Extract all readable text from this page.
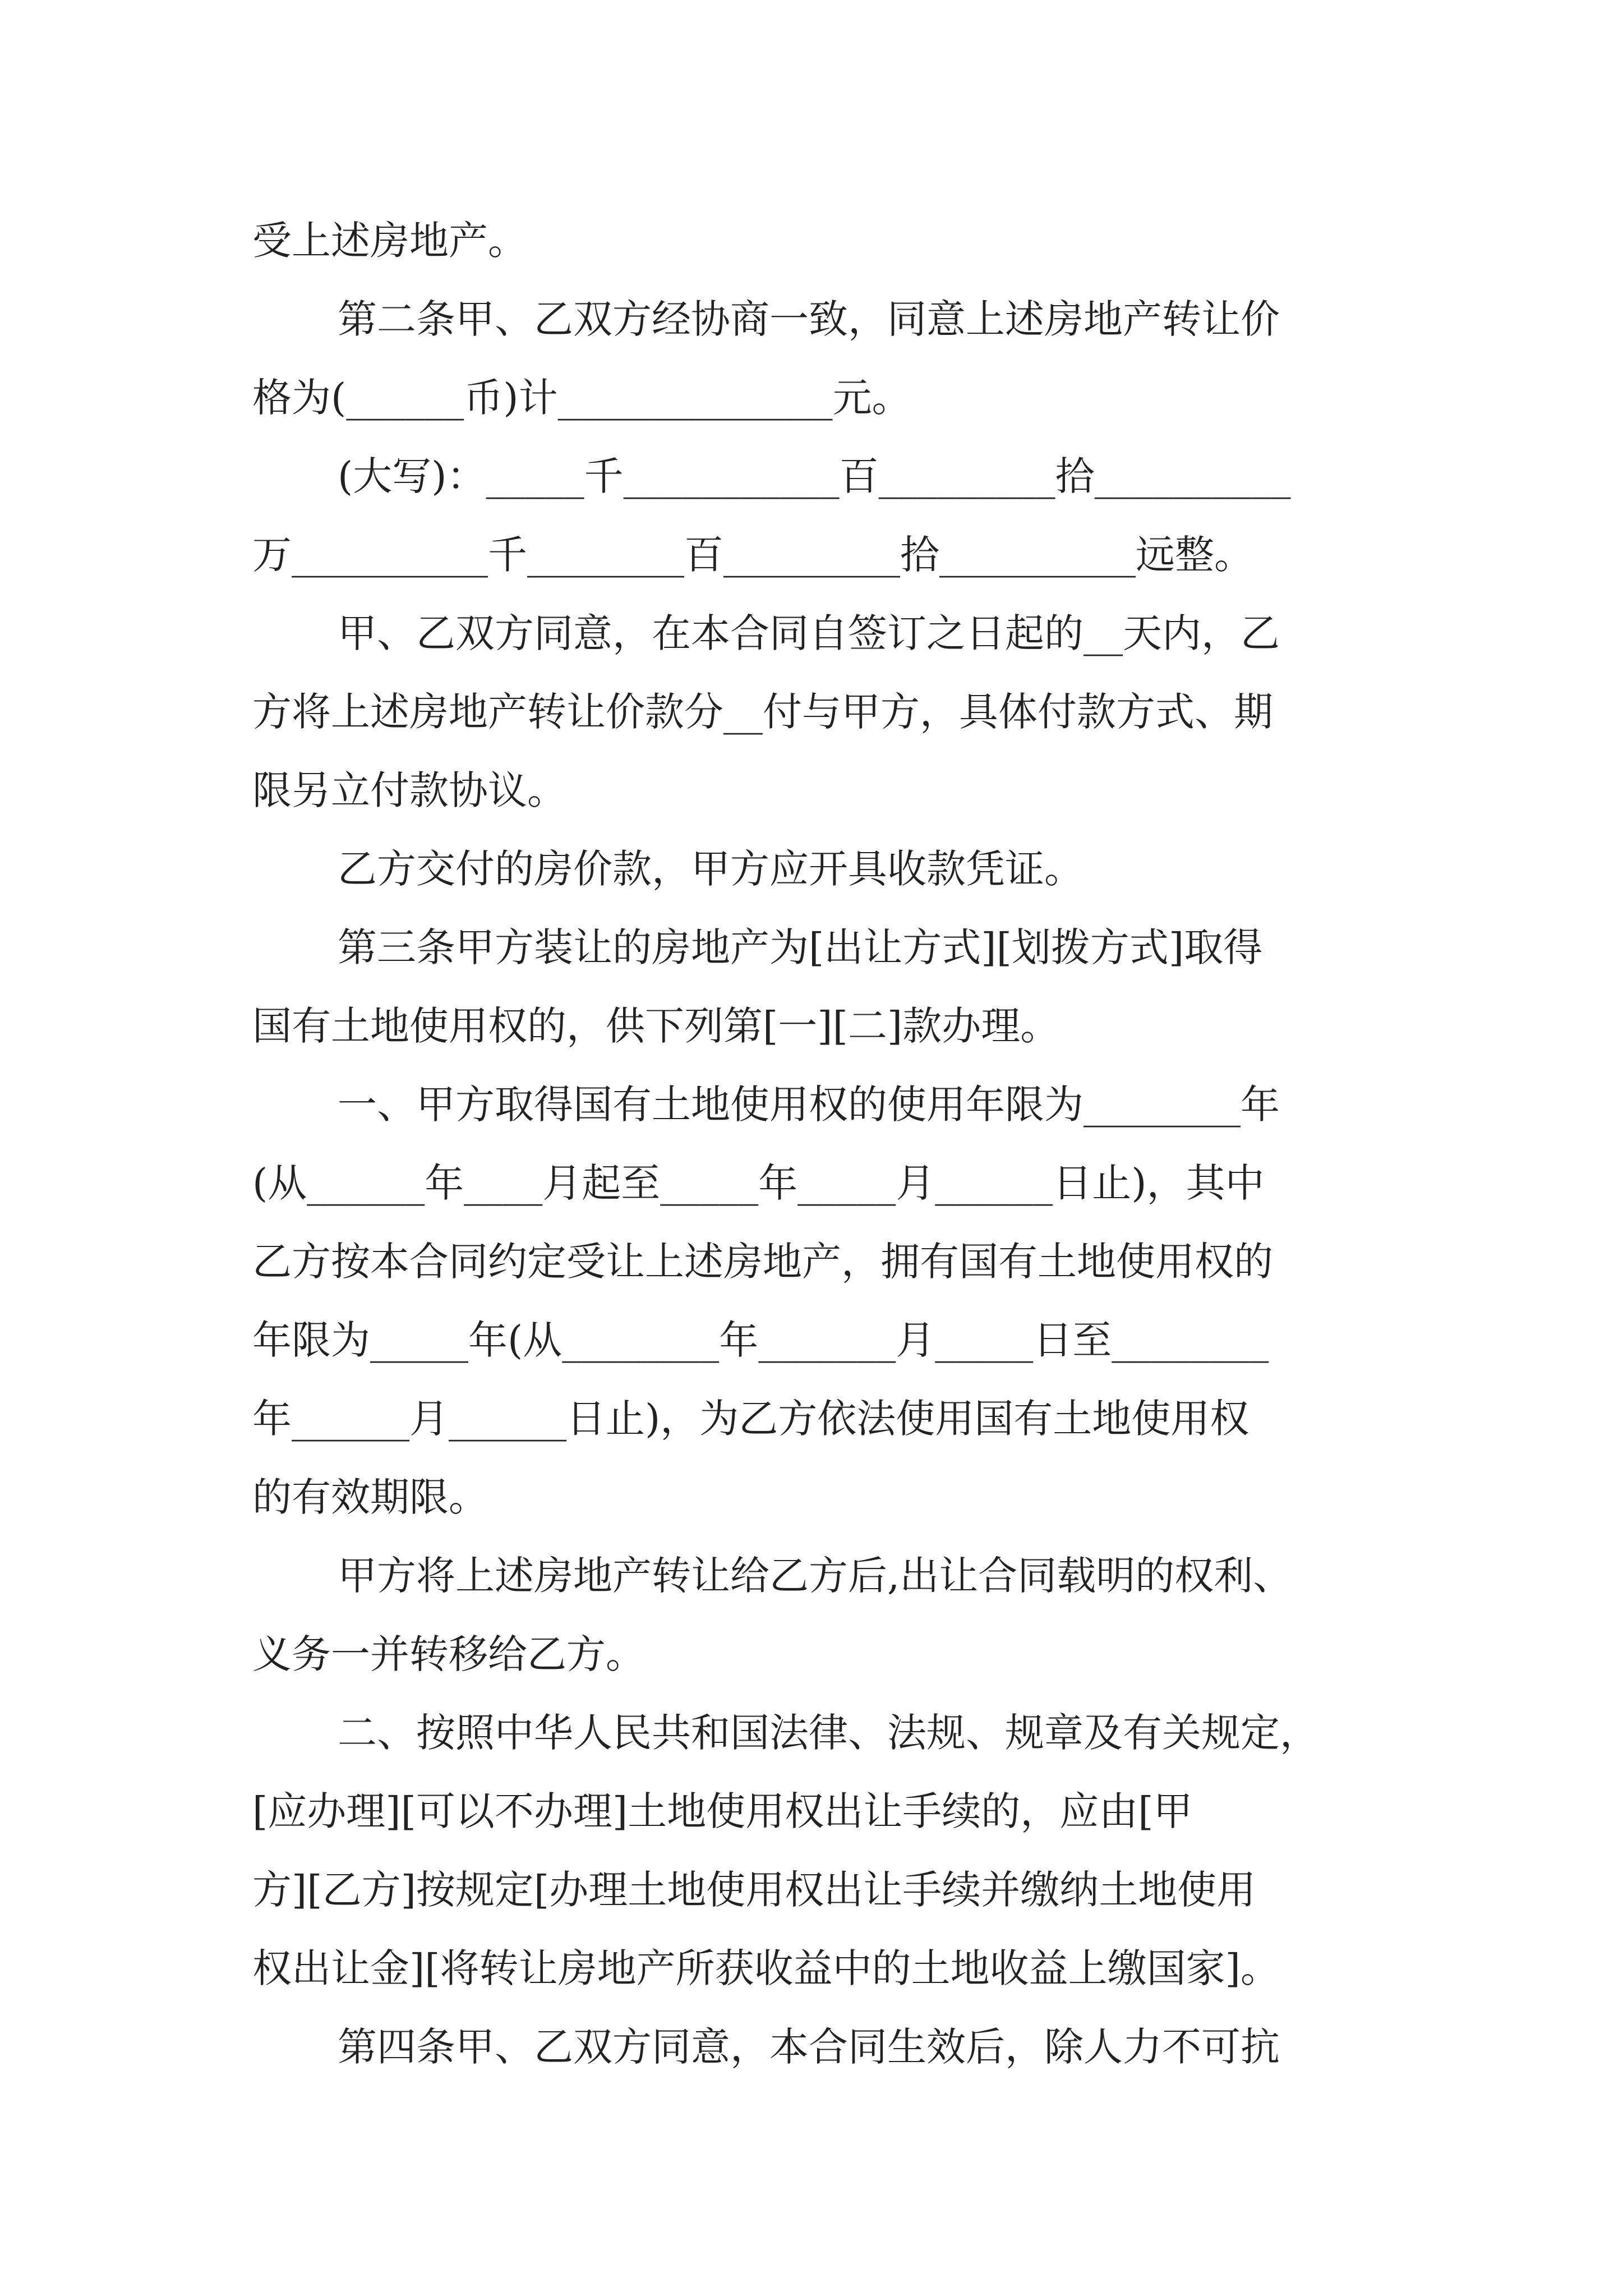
受上述房地产。
第二条甲、乙双方经协商一致，同意上述房地产转让价
格为(______币)计______________元。
(大写)：_____千___________百_________拾__________
万__________千________百_________拾__________远整。
甲、乙双方同意，在本合同自签订之日起的__天内，乙
方将上述房地产转让价款分__付与甲方，具体付款方式、期
限另立付款协议。
乙方交付的房价款，甲方应开具收款凭证。
第三条甲方装让的房地产为[出让方式][划拨方式]取得
国有土地使用权的，供下列第[一][二]款办理。
一、甲方取得国有土地使用权的使用年限为________年
(从______年____月起至_____年_____月______日止)，其中
乙方按本合同约定受让上述房地产，拥有国有土地使用权的
年限为_____年(从________年_______月_____日至________
年______月______日止)，为乙方依法使用国有土地使用权
的有效期限。
甲方将上述房地产转让给乙方后,出让合同载明的权利、
义务一并转移给乙方。
二、按照中华人民共和国法律、法规、规章及有关规定，
[应办理][可以不办理]土地使用权出让手续的，应由[甲
方][乙方]按规定[办理土地使用权出让手续并缴纳土地使用
权出让金][将转让房地产所获收益中的土地收益上缴国家]。
第四条甲、乙双方同意，本合同生效后，除人力不可抗
